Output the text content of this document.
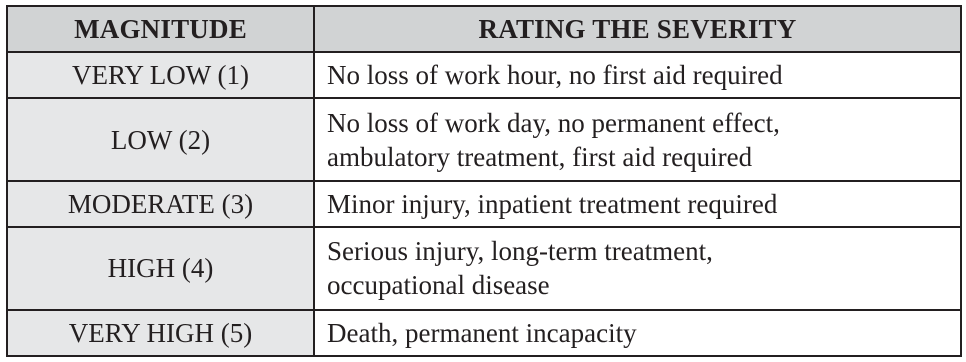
MAGNITUDE	RATING THE SEVERITY
VERY LOW (1)	No loss of work hour, no first aid required

LOW (2)	No loss of work day, no permanent effect,
ambulatory treatment, first aid required

MODERATE (3)	Minor injury, inpatient treatment required

HIGH (4)	Serious injury, long-term treatment,
occupational disease

VERY HIGH (5)	Death, permanent incapacity
